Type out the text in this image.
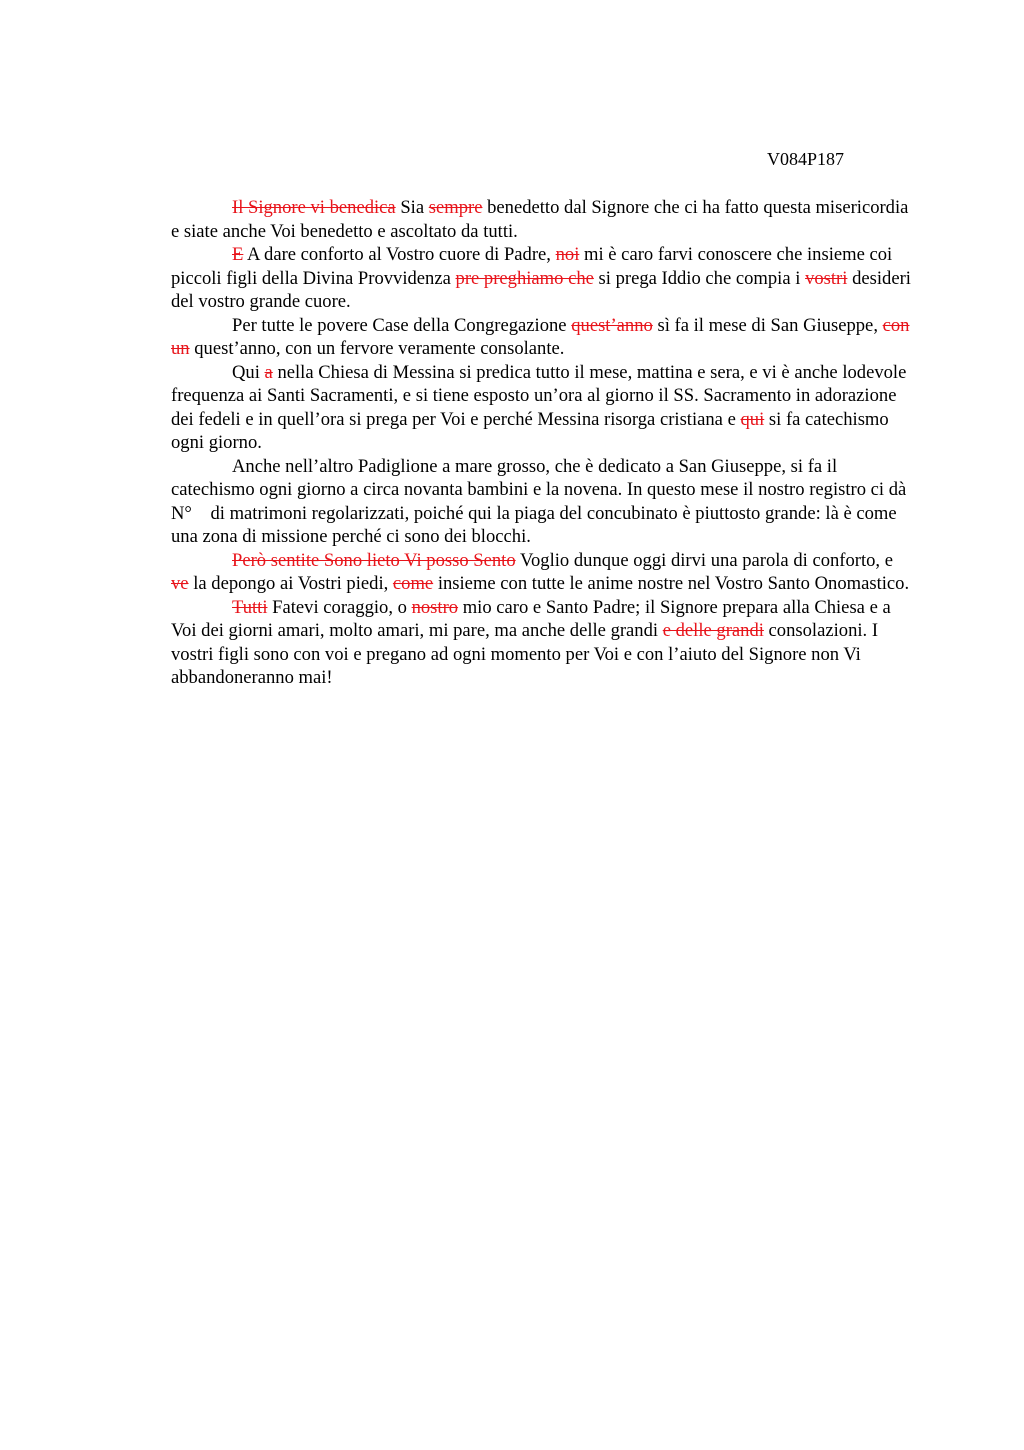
V084P187

Il Signore vi benedica Sia sempre benedetto dal Signore che ci ha fatto questa misericordia e siate anche Voi benedetto e ascoltato da tutti.

E A dare conforto al Vostro cuore di Padre, noi mi è caro farvi conoscere che insieme coi piccoli figli della Divina Provvidenza pre preghiamo che si prega Iddio che compia i vostri desideri del vostro grande cuore.

Per tutte le povere Case della Congregazione quest’anno sì fa il mese di San Giuseppe, con un quest’anno, con un fervore veramente consolante.

Qui a nella Chiesa di Messina si predica tutto il mese, mattina e sera, e vi è anche lodevole frequenza ai Santi Sacramenti, e si tiene esposto un’ora al giorno il SS. Sacramento in adorazione dei fedeli e in quell’ora si prega per Voi e perché Messina risorga cristiana e qui si fa catechismo ogni giorno.

Anche nell’altro Padiglione a mare grosso, che è dedicato a San Giuseppe, si fa il catechismo ogni giorno a circa novanta bambini e la novena. In questo mese il nostro registro ci dà N°    di matrimoni regolarizzati, poiché qui la piaga del concubinato è piuttosto grande: là è come una zona di missione perché ci sono dei blocchi.

Però sentite Sono lieto Vi posso Sento Voglio dunque oggi dirvi una parola di conforto, e ve la depongo ai Vostri piedi, come insieme con tutte le anime nostre nel Vostro Santo Onomastico.

Tutti Fatevi coraggio, o nostro mio caro e Santo Padre; il Signore prepara alla Chiesa e a Voi dei giorni amari, molto amari, mi pare, ma anche delle grandi e delle grandi consolazioni. I vostri figli sono con voi e pregano ad ogni momento per Voi e con l’aiuto del Signore non Vi abbandoneranno mai!
